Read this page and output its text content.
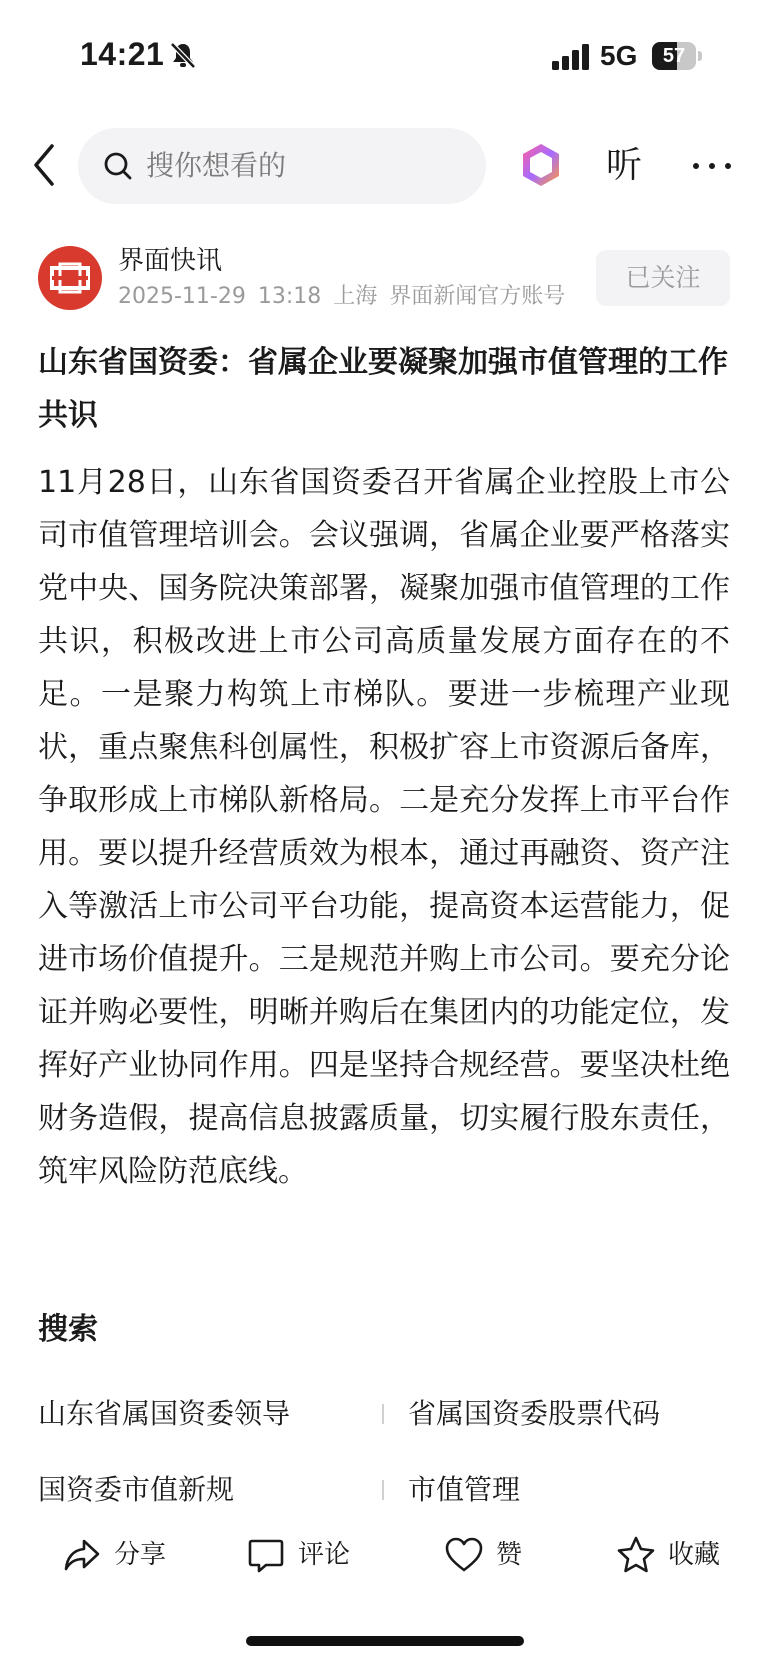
14:21	5G	57
搜你想看的	听
界面快讯
2025-11-29 13:18 上海 界面新闻官方账号
已关注
山东省国资委：省属企业要凝聚加强市值管理的工作共识
11月28日，山东省国资委召开省属企业控股上市公司市值管理培训会。会议强调，省属企业要严格落实党中央、国务院决策部署，凝聚加强市值管理的工作共识，积极改进上市公司高质量发展方面存在的不足。一是聚力构筑上市梯队。要进一步梳理产业现状，重点聚焦科创属性，积极扩容上市资源后备库，争取形成上市梯队新格局。二是充分发挥上市平台作用。要以提升经营质效为根本，通过再融资、资产注入等激活上市公司平台功能，提高资本运营能力，促进市场价值提升。三是规范并购上市公司。要充分论证并购必要性，明晰并购后在集团内的功能定位，发挥好产业协同作用。四是坚持合规经营。要坚决杜绝财务造假，提高信息披露质量，切实履行股东责任，筑牢风险防范底线。
搜索
山东省属国资委领导	省属国资委股票代码
国资委市值新规	市值管理
分享	评论	赞	收藏
